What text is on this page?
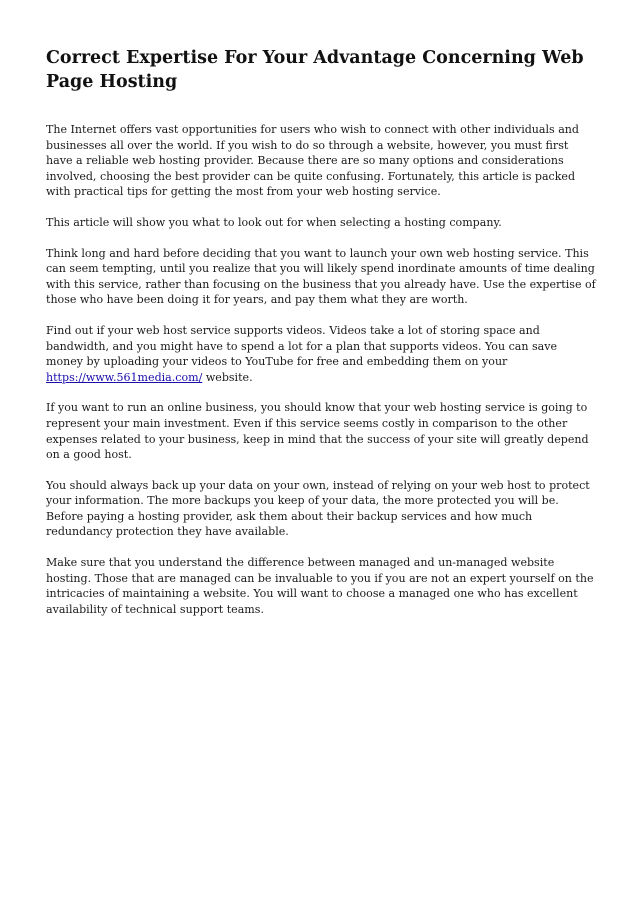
Correct Expertise For Your Advantage Concerning Web Page Hosting

The Internet offers vast opportunities for users who wish to connect with other individuals and businesses all over the world. If you wish to do so through a website, however, you must first have a reliable web hosting provider. Because there are so many options and considerations involved, choosing the best provider can be quite confusing. Fortunately, this article is packed with practical tips for getting the most from your web hosting service.

This article will show you what to look out for when selecting a hosting company.

Think long and hard before deciding that you want to launch your own web hosting service. This can seem tempting, until you realize that you will likely spend inordinate amounts of time dealing with this service, rather than focusing on the business that you already have. Use the expertise of those who have been doing it for years, and pay them what they are worth.

Find out if your web host service supports videos. Videos take a lot of storing space and bandwidth, and you might have to spend a lot for a plan that supports videos. You can save money by uploading your videos to YouTube for free and embedding them on your https://www.561media.com/ website.

If you want to run an online business, you should know that your web hosting service is going to represent your main investment. Even if this service seems costly in comparison to the other expenses related to your business, keep in mind that the success of your site will greatly depend on a good host.

You should always back up your data on your own, instead of relying on your web host to protect your information. The more backups you keep of your data, the more protected you will be. Before paying a hosting provider, ask them about their backup services and how much redundancy protection they have available.

Make sure that you understand the difference between managed and un-managed website hosting. Those that are managed can be invaluable to you if you are not an expert yourself on the intricacies of maintaining a website. You will want to choose a managed one who has excellent availability of technical support teams.
